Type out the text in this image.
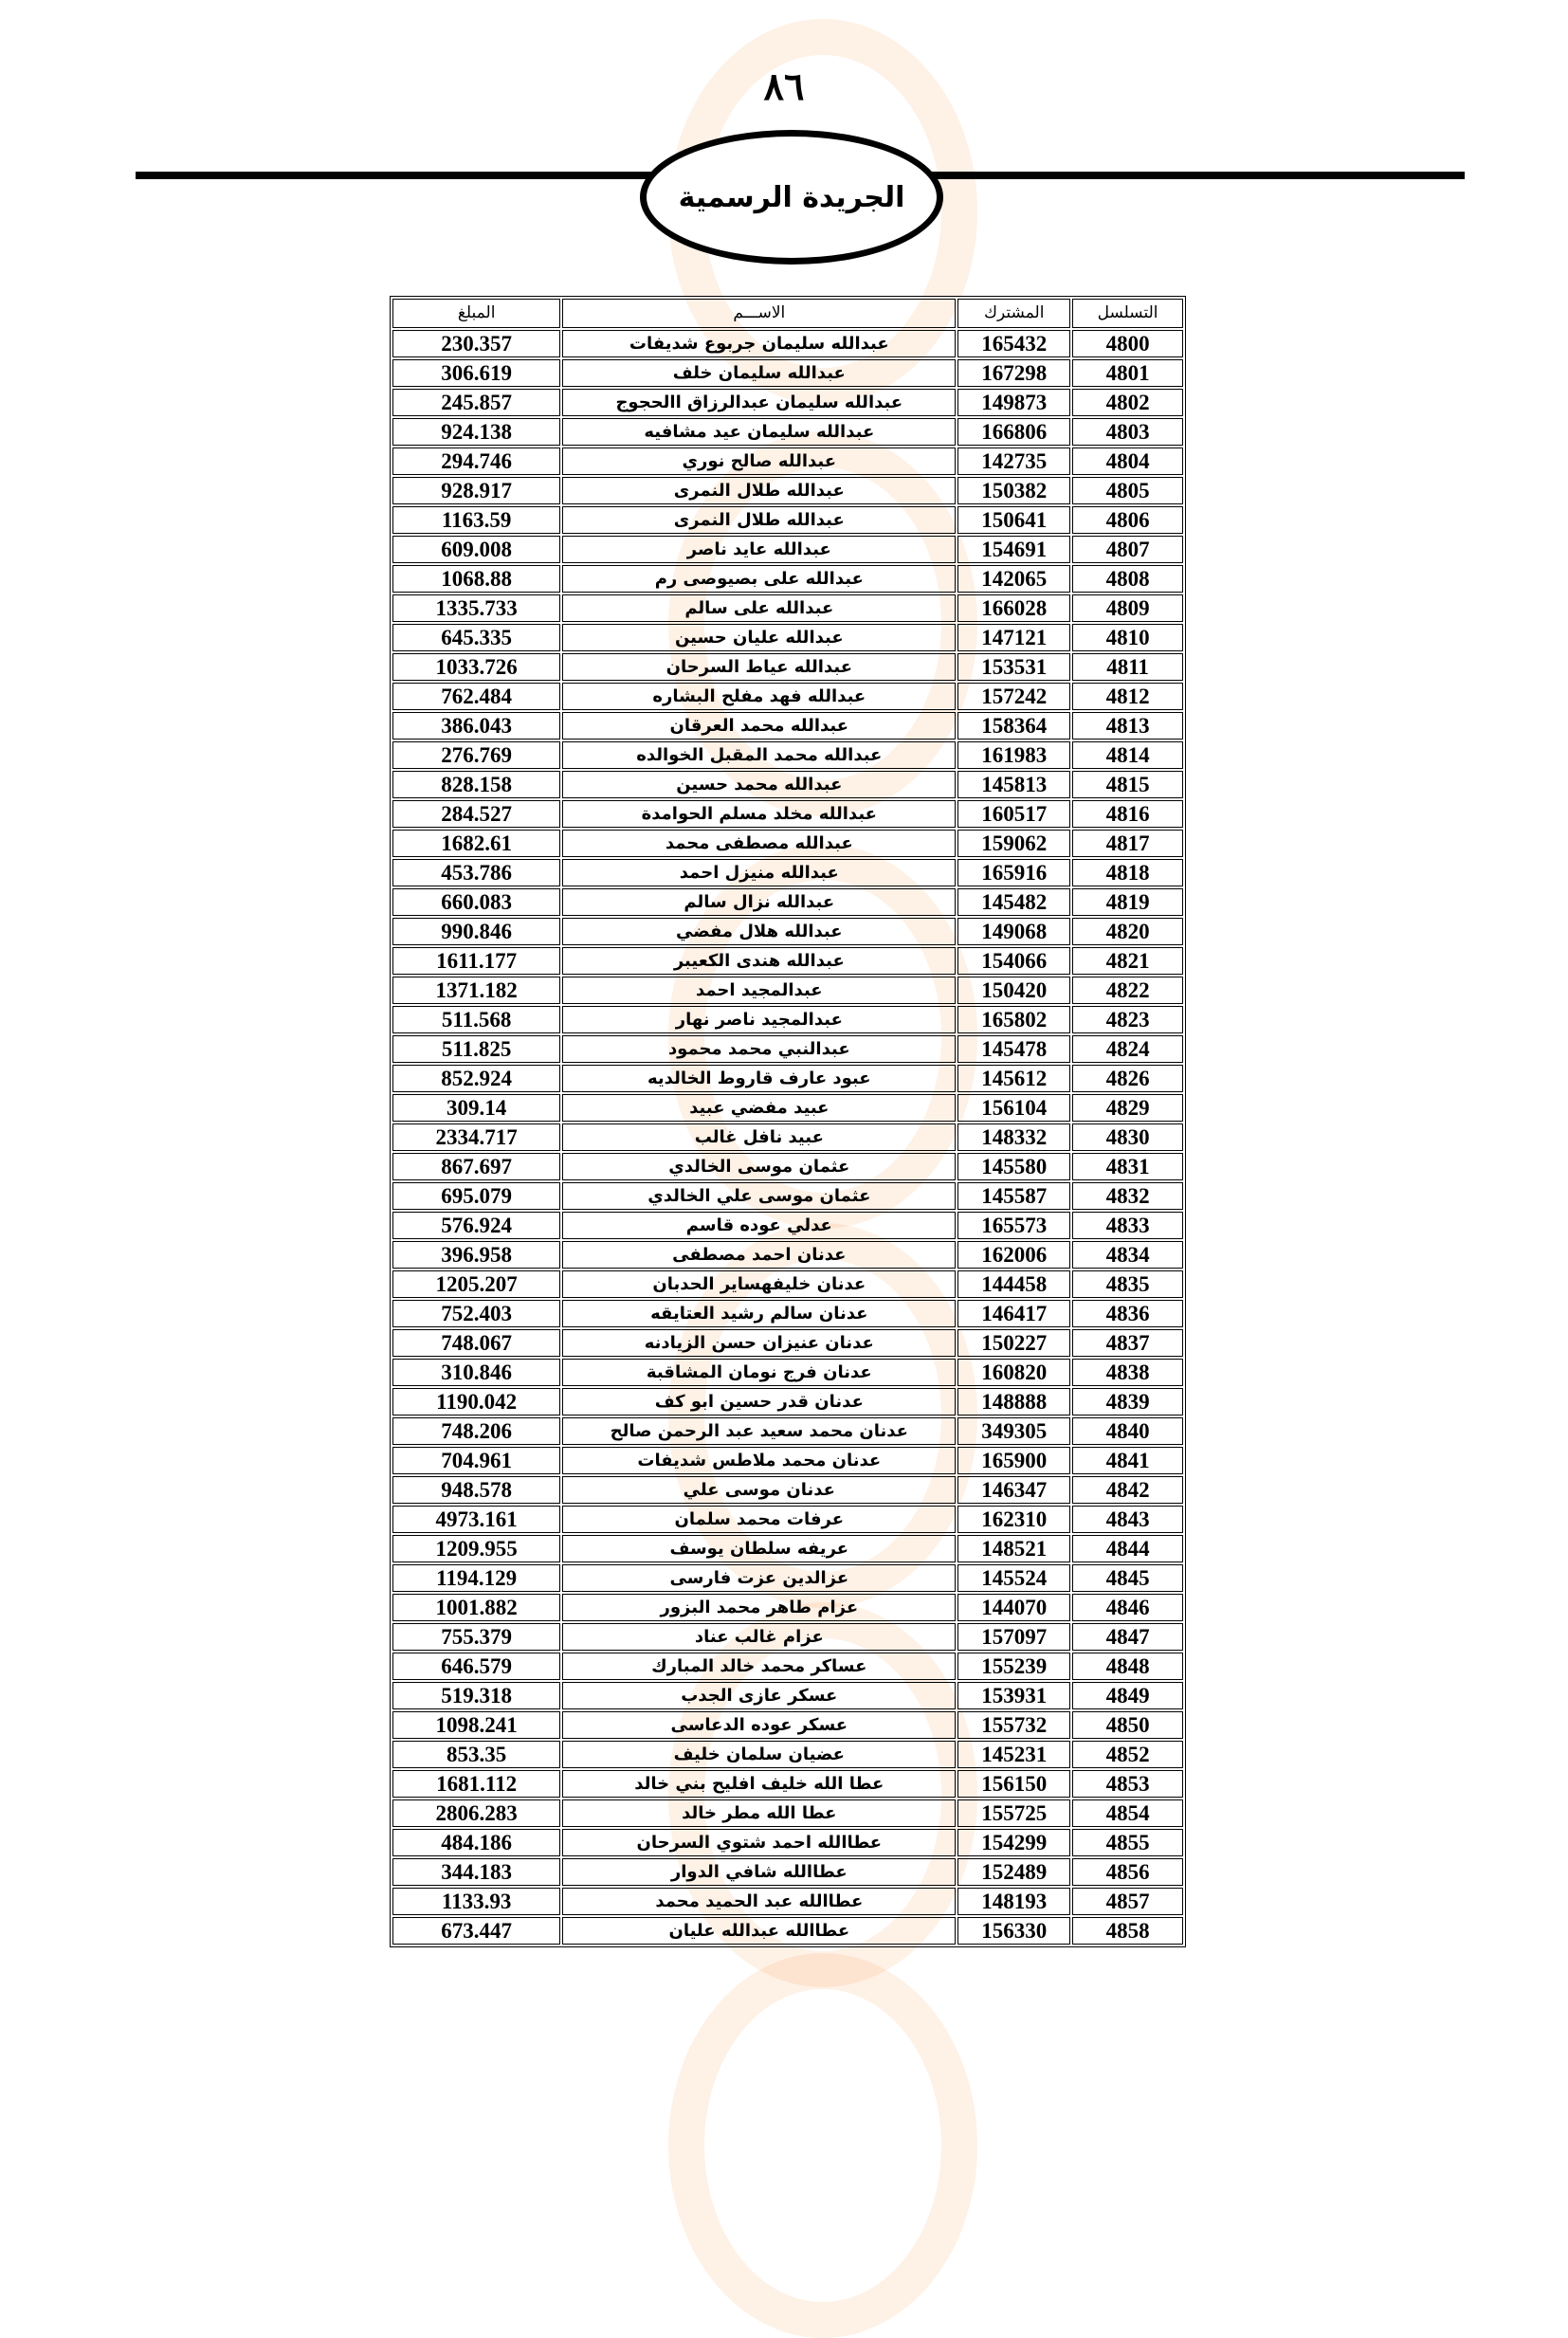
٨٦
الجريدة الرسمية
التسلسل	المشترك	الاســـم	المبلغ
4800	165432	عبدالله سليمان جربوع شديفات	230.357
4801	167298	عبدالله سليمان خلف	306.619
4802	149873	عبدالله سليمان عبدالرزاق االحجوج	245.857
4803	166806	عبدالله سليمان عيد مشافيه	924.138
4804	142735	عبدالله صالح نوري	294.746
4805	150382	عبدالله طلال النمرى	928.917
4806	150641	عبدالله طلال النمرى	1163.59
4807	154691	عبدالله عايد ناصر	609.008
4808	142065	عبدالله على بصيوصى رم	1068.88
4809	166028	عبدالله على سالم	1335.733
4810	147121	عبدالله عليان حسين	645.335
4811	153531	عبدالله عياط السرحان	1033.726
4812	157242	عبدالله فهد مفلح البشاره	762.484
4813	158364	عبدالله محمد العرقان	386.043
4814	161983	عبدالله محمد المقبل الخوالده	276.769
4815	145813	عبدالله محمد حسين	828.158
4816	160517	عبدالله مخلد مسلم الحوامدة	284.527
4817	159062	عبدالله مصطفى محمد	1682.61
4818	165916	عبدالله منيزل احمد	453.786
4819	145482	عبدالله نزال سالم	660.083
4820	149068	عبدالله هلال مفضي	990.846
4821	154066	عبدالله هندى الكعيبر	1611.177
4822	150420	عبدالمجيد احمد	1371.182
4823	165802	عبدالمجيد ناصر نهار	511.568
4824	145478	عبدالنبي محمد محمود	511.825
4826	145612	عبود عارف قاروط الخالديه	852.924
4829	156104	عبيد مفضي عبيد	309.14
4830	148332	عبيد نافل غالب	2334.717
4831	145580	عثمان موسى الخالدي	867.697
4832	145587	عثمان موسى علي الخالدي	695.079
4833	165573	عدلي عوده قاسم	576.924
4834	162006	عدنان احمد مصطفى	396.958
4835	144458	عدنان خليفهساير الحدبان	1205.207
4836	146417	عدنان سالم رشيد العتايقه	752.403
4837	150227	عدنان عنيزان حسن الزيادنه	748.067
4838	160820	عدنان فرج نومان المشاقبة	310.846
4839	148888	عدنان قدر حسين ابو كف	1190.042
4840	349305	عدنان محمد سعيد عبد الرحمن صالح	748.206
4841	165900	عدنان محمد ملاطس شديفات	704.961
4842	146347	عدنان موسى علي	948.578
4843	162310	عرفات محمد سلمان	4973.161
4844	148521	عريفه سلطان يوسف	1209.955
4845	145524	عزالدين عزت فارسى	1194.129
4846	144070	عزام طاهر محمد البزور	1001.882
4847	157097	عزام غالب عناد	755.379
4848	155239	عساكر محمد خالد المبارك	646.579
4849	153931	عسكر عازى الجدب	519.318
4850	155732	عسكر عوده الدعاسى	1098.241
4852	145231	عضيان سلمان خليف	853.35
4853	156150	عطا الله خليف افليح بني خالد	1681.112
4854	155725	عطا الله مطر خالد	2806.283
4855	154299	عطاالله احمد شتوي السرحان	484.186
4856	152489	عطاالله شافي الدوار	344.183
4857	148193	عطاالله عبد الحميد محمد	1133.93
4858	156330	عطاالله عبدالله عليان	673.447
